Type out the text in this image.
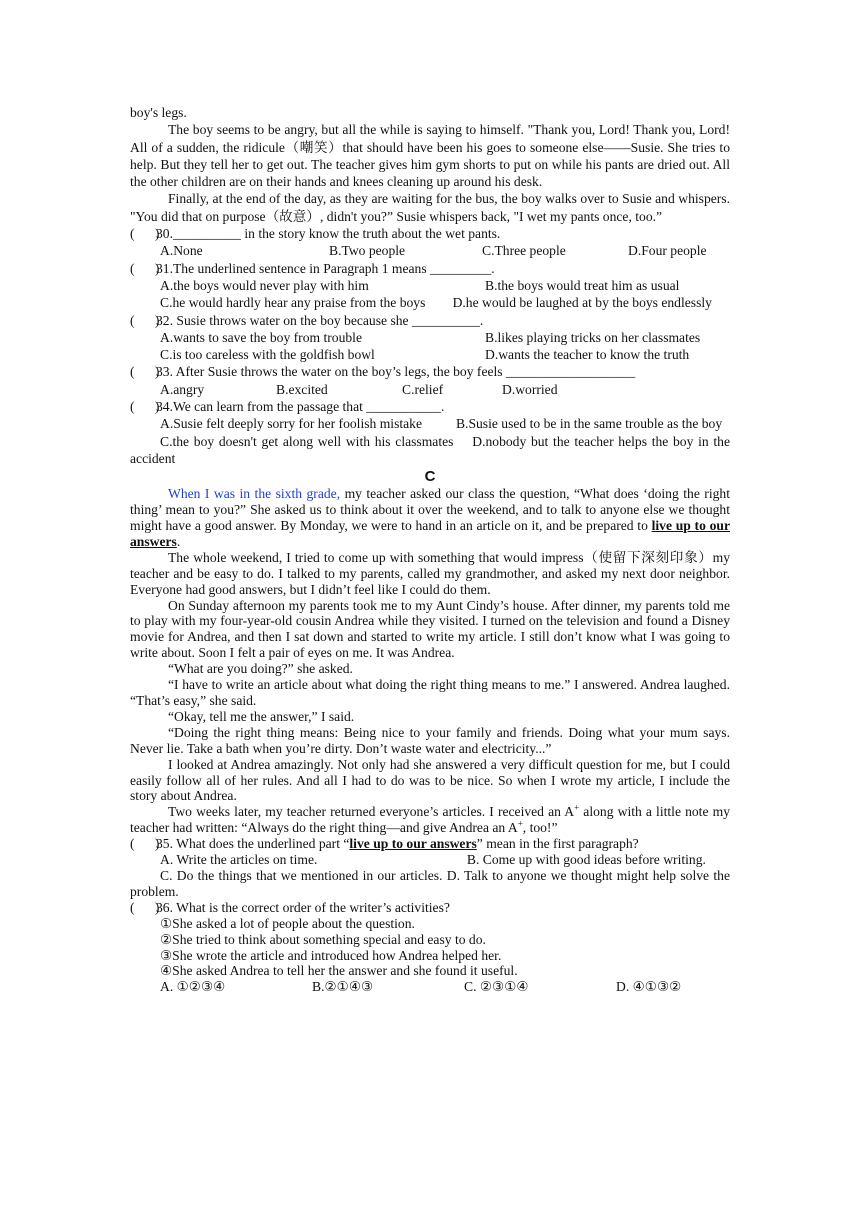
boy's legs.

The boy seems to be angry, but all the while is saying to himself. "Thank you, Lord! Thank you, Lord! All of a sudden, the ridicule（嘲笑）that should have been his goes to someone else——Susie. She tries to help. But they tell her to get out. The teacher gives him gym shorts to put on while his pants are dried out. All the other children are on their hands and knees cleaning up around his desk.

Finally, at the end of the day, as they are waiting for the bus, the boy walks over to Susie and whispers. "You did that on purpose（故意）, didn't you?” Susie whispers back, "I wet my pants once, too.”

(      )
30.__________ in the story know the truth about the wet pants.
A.None	B.Two people	C.Three people	D.Four people
(      )
31.The underlined sentence in Paragraph 1 means _________.
A.the boys would never play with him	B.the boys would treat him as usual

C.he would hardly hear any praise from the boys D.he would be laughed at by the boys endlessly

(      )
32. Susie throws water on the boy because she __________.
A.wants to save the boy from trouble	B.likes playing tricks on her classmates
C.is too careless with the goldfish bowl	D.wants the teacher to know the truth
(      )
33. After Susie throws the water on the boy’s legs, the boy feels ___________________
A.angry	B.excited	C.relief	D.worried
(      )
34.We can learn from the passage that ___________.

A.Susie felt deeply sorry for her foolish mistake B.Susie used to be in the same trouble as the boy

C.the boy doesn't get along well with his classmates D.nobody but the teacher helps the boy in the accident

C

When I was in the sixth grade, my teacher asked our class the question, “What does ‘doing the right thing’ mean to you?” She asked us to think about it over the weekend, and to talk to anyone else we thought might have a good answer. By Monday, we were to hand in an article on it, and be prepared to live up to our answers.

The whole weekend, I tried to come up with something that would impress（使留下深刻印象）my teacher and be easy to do. I talked to my parents, called my grandmother, and asked my next door neighbor. Everyone had good answers, but I didn’t feel like I could do them.

On Sunday afternoon my parents took me to my Aunt Cindy’s house. After dinner, my parents told me to play with my four-year-old cousin Andrea while they visited. I turned on the television and found a Disney movie for Andrea, and then I sat down and started to write my article. I still don’t know what I was going to write about. Soon I felt a pair of eyes on me. It was Andrea.

“What are you doing?” she asked.

“I have to write an article about what doing the right thing means to me.” I answered. Andrea laughed. “That’s easy,” she said.

“Okay, tell me the answer,” I said.

“Doing the right thing means: Being nice to your family and friends. Doing what your mum says. Never lie. Take a bath when you’re dirty. Don’t waste water and electricity...”

I looked at Andrea amazingly. Not only had she answered a very difficult question for me, but I could easily follow all of her rules. And all I had to do was to be nice. So when I wrote my article, I include the story about Andrea.

Two weeks later, my teacher returned everyone’s articles. I received an A+ along with a little note my teacher had written: “Always do the right thing—and give Andrea an A+, too!”

(      )
35. What does the underlined part “live up to our answers” mean in the first paragraph?

A. Write the articles on time.	B. Come up with good ideas before writing.

C. Do the things that we mentioned in our articles. D. Talk to anyone we thought might help solve the problem.

(      )
36. What is the correct order of the writer’s activities?
①She asked a lot of people about the question.
②She tried to think about something special and easy to do.
③She wrote the article and introduced how Andrea helped her.
④She asked Andrea to tell her the answer and she found it useful.
A. ①②③④	B.②①④③	C. ②③①④	D. ④①③②
